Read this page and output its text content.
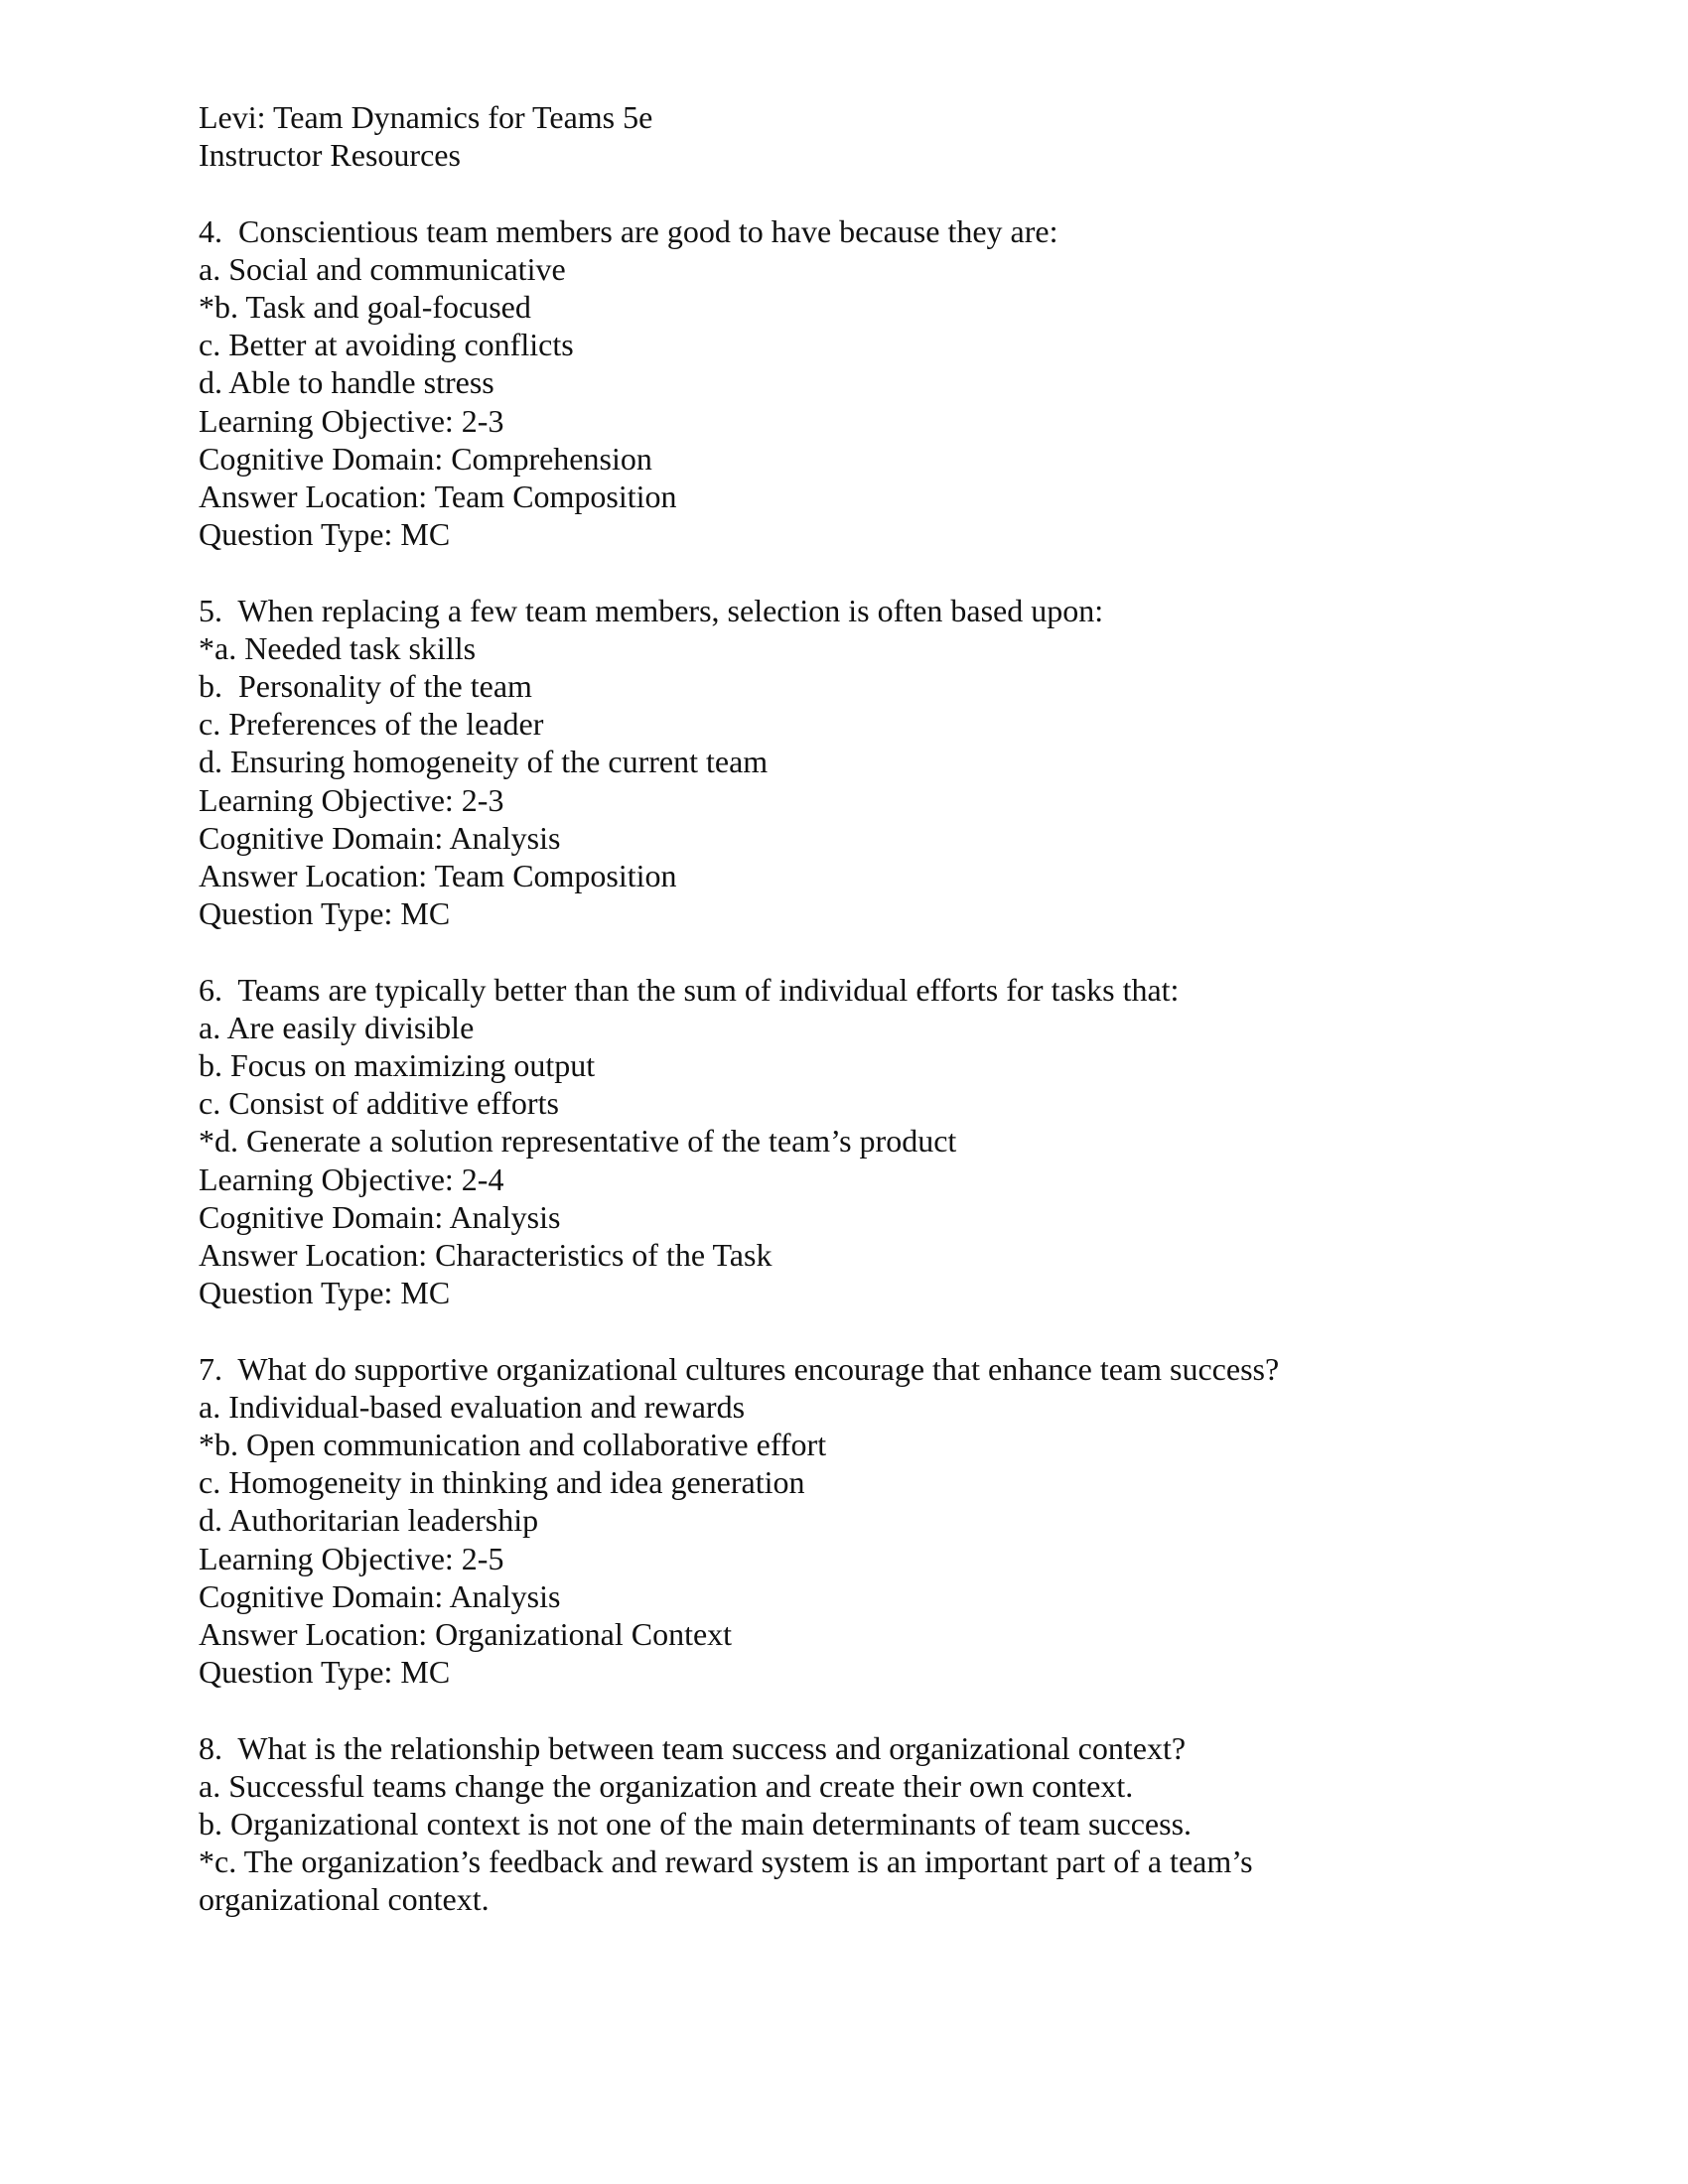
Levi: Team Dynamics for Teams 5e
Instructor Resources
4.  Conscientious team members are good to have because they are:
a. Social and communicative
*b. Task and goal-focused
c. Better at avoiding conflicts
d. Able to handle stress
Learning Objective: 2-3
Cognitive Domain: Comprehension
Answer Location: Team Composition
Question Type: MC
5.  When replacing a few team members, selection is often based upon:
*a. Needed task skills
b.  Personality of the team
c. Preferences of the leader
d. Ensuring homogeneity of the current team
Learning Objective: 2-3
Cognitive Domain: Analysis
Answer Location: Team Composition
Question Type: MC
6.  Teams are typically better than the sum of individual efforts for tasks that:
a. Are easily divisible
b. Focus on maximizing output
c. Consist of additive efforts
*d. Generate a solution representative of the team’s product
Learning Objective: 2-4
Cognitive Domain: Analysis
Answer Location: Characteristics of the Task
Question Type: MC
7.  What do supportive organizational cultures encourage that enhance team success?
a. Individual-based evaluation and rewards
*b. Open communication and collaborative effort
c. Homogeneity in thinking and idea generation
d. Authoritarian leadership
Learning Objective: 2-5
Cognitive Domain: Analysis
Answer Location: Organizational Context
Question Type: MC
8.  What is the relationship between team success and organizational context?
a. Successful teams change the organization and create their own context.
b. Organizational context is not one of the main determinants of team success.
*c. The organization’s feedback and reward system is an important part of a team’s
organizational context.
